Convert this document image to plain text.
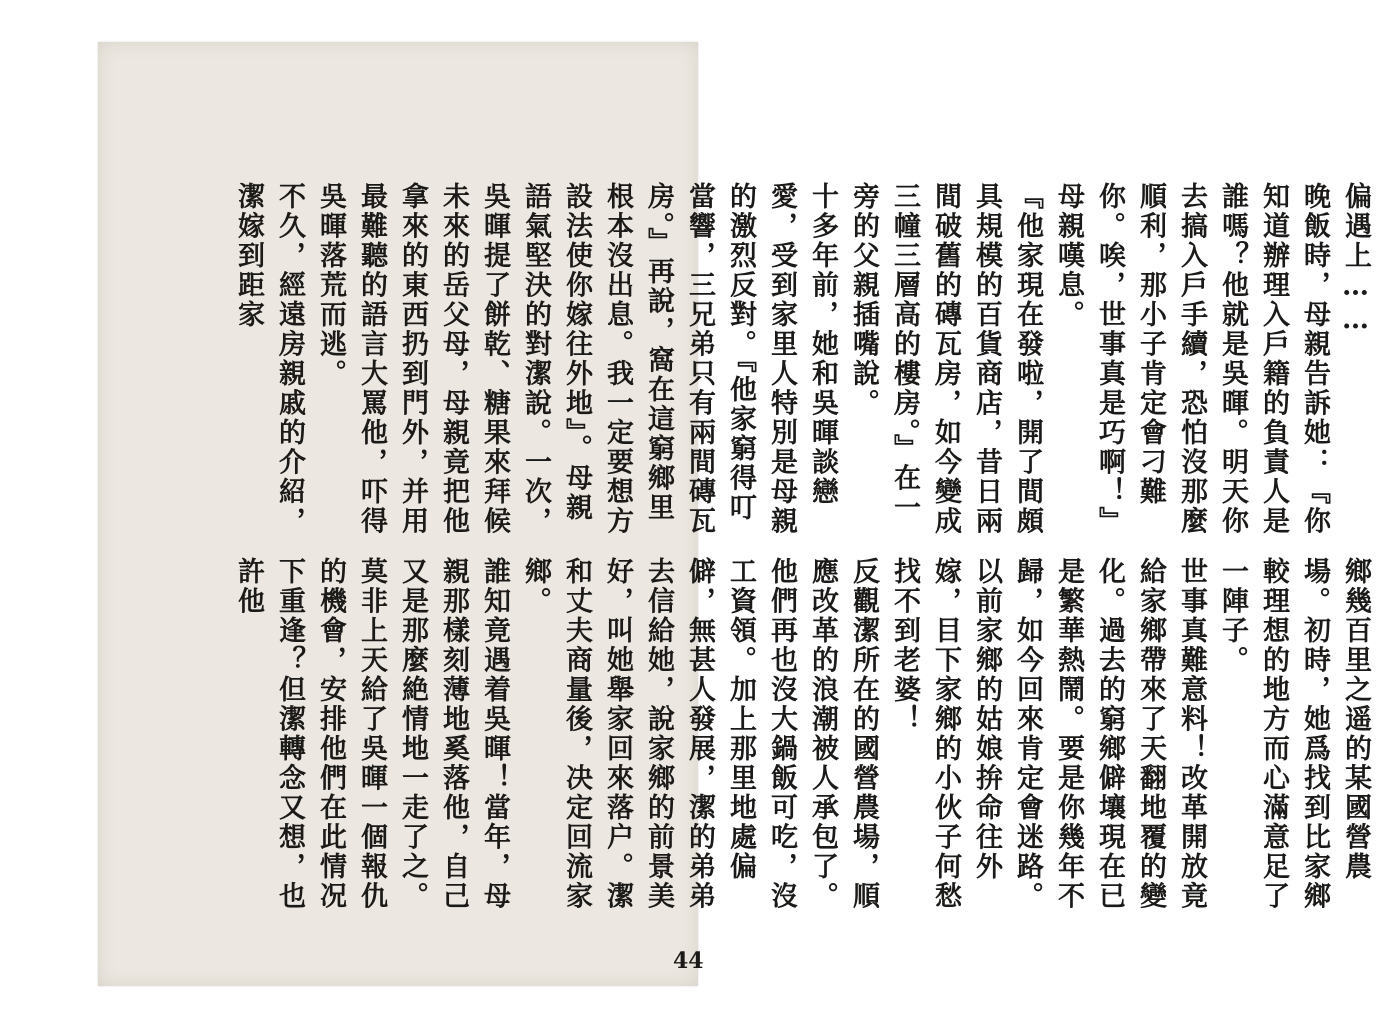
偏遇上……
晚飯時，母親告訴她：『你知道辦理入戶籍的負責人是誰嗎？他就是吳暉。明天你去搞入戶手續，恐怕沒那麼順利，那小子肯定會刁難你。唉，世事真是巧啊！』母親嘆息。
『他家現在發啦，開了間頗具規模的百貨商店，昔日兩間破舊的磚瓦房，如今變成三幢三層高的樓房。』在一旁的父親插嘴說。
十多年前，她和吳暉談戀愛，受到家里人特別是母親的激烈反對。『他家窮得叮當響，三兄弟只有兩間磚瓦房。』再說，窩在這窮鄉里根本沒出息。我一定要想方設法使你嫁往外地』。母親語氣堅決的對潔說。一次，吳暉提了餅乾、糖果來拜候未來的岳父母，母親竟把他拿來的東西扔到門外，并用最難聽的語言大罵他，吓得吳暉落荒而逃。
不久，經遠房親戚的介紹，潔嫁到距家
鄉幾百里之遥的某國營農場。初時，她爲找到比家鄉較理想的地方而心滿意足了一陣子。
世事真難意料！改革開放竟給家鄉帶來了天翻地覆的變化。過去的窮鄉僻壤現在已是繁華熱鬧。要是你幾年不歸，如今回來肯定會迷路。
以前家鄉的姑娘拚命往外嫁，目下家鄉的小伙子何愁找不到老婆！
反觀潔所在的國營農場，順應改革的浪潮被人承包了。他們再也沒大鍋飯可吃，沒工資領。加上那里地處偏僻，無甚人發展，潔的弟弟去信給她，說家鄉的前景美好，叫她舉家回來落户。潔和丈夫商量後，决定回流家鄉。
誰知竟遇着吳暉！當年，母親那樣刻薄地奚落他，自己又是那麼絶情地一走了之。莫非上天給了吳暉一個報仇的機會，安排他們在此情况下重逢？但潔轉念又想，也許他
44
